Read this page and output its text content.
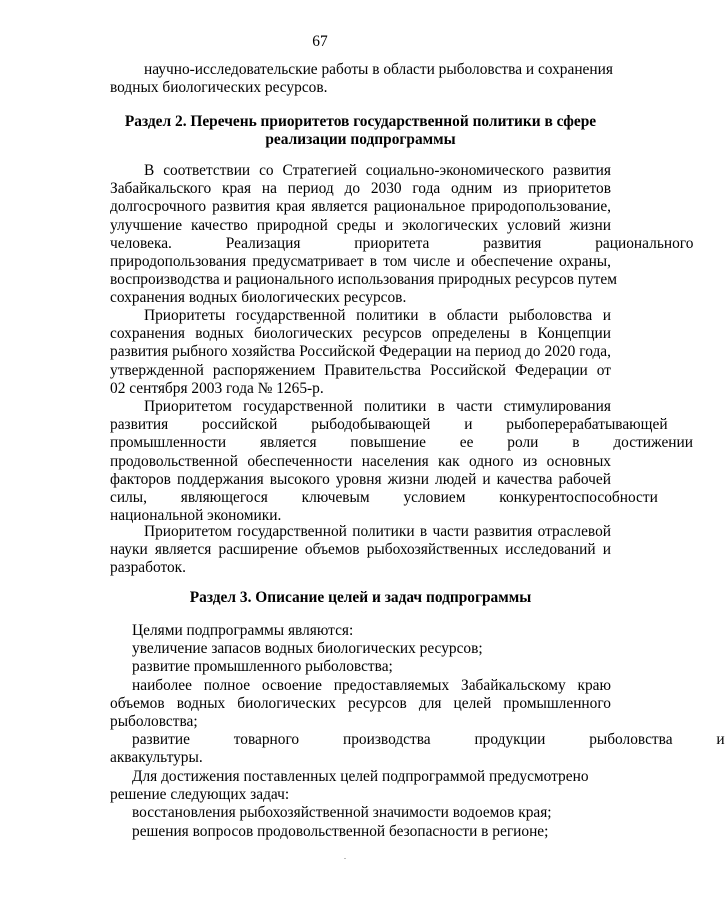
67
научно-исследовательские работы в области рыболовства и сохранения
водных биологических ресурсов.
Раздел 2. Перечень приоритетов государственной политики в сфере
реализации подпрограммы
В соответствии со Стратегией социально-экономического развития
Забайкальского края на период до 2030 года одним из приоритетов
долгосрочного развития края является рациональное природопользование,
улучшение качество природной среды и экологических условий жизни
человека. Реализация приоритета развития рационального
природопользования предусматривает в том числе и обеспечение охраны,
воспроизводства и рационального использования природных ресурсов путем
сохранения водных биологических ресурсов.
Приоритеты государственной политики в области рыболовства и
сохранения водных биологических ресурсов определены в Концепции
развития рыбного хозяйства Российской Федерации на период до 2020 года,
утвержденной распоряжением Правительства Российской Федерации от
02 сентября 2003 года № 1265-р.
Приоритетом государственной политики в части стимулирования
развития российской рыбодобывающей и рыбоперерабатывающей
промышленности является повышение ее роли в достижении
продовольственной обеспеченности населения как одного из основных
факторов поддержания высокого уровня жизни людей и качества рабочей
силы, являющегося ключевым условием конкурентоспособности
национальной экономики.
Приоритетом государственной политики в части развития отраслевой
науки является расширение объемов рыбохозяйственных исследований и
разработок.
Раздел 3. Описание целей и задач подпрограммы
Целями подпрограммы являются:
увеличение запасов водных биологических ресурсов;
развитие промышленного рыболовства;
наиболее полное освоение предоставляемых Забайкальскому краю
объемов водных биологических ресурсов для целей промышленного
рыболовства;
развитие товарного производства продукции рыболовства и
аквакультуры.
Для достижения поставленных целей подпрограммой предусмотрено
решение следующих задач:
восстановления рыбохозяйственной значимости водоемов края;
решения вопросов продовольственной безопасности в регионе;
